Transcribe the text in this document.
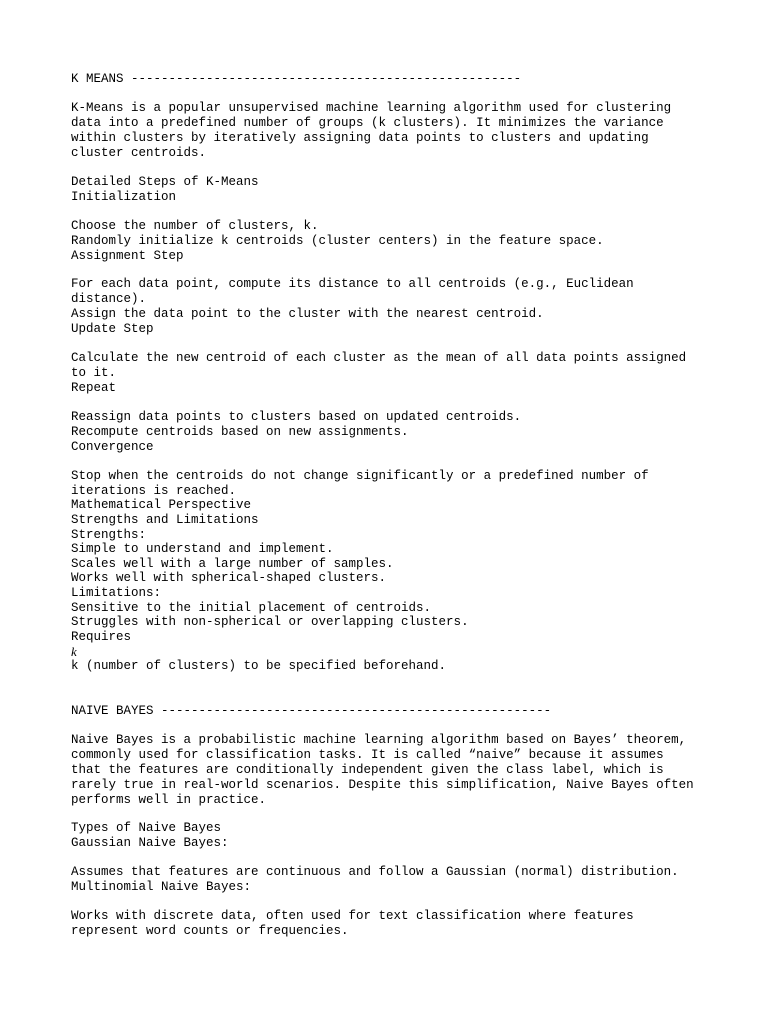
K MEANS ----------------------------------------------------

K-Means is a popular unsupervised machine learning algorithm used for clustering

data into a predefined number of groups (k clusters). It minimizes the variance

within clusters by iteratively assigning data points to clusters and updating

cluster centroids.

Detailed Steps of K-Means

Initialization

Choose the number of clusters, k.

Randomly initialize k centroids (cluster centers) in the feature space.

Assignment Step

For each data point, compute its distance to all centroids (e.g., Euclidean

distance).

Assign the data point to the cluster with the nearest centroid.

Update Step

Calculate the new centroid of each cluster as the mean of all data points assigned

to it.

Repeat

Reassign data points to clusters based on updated centroids.

Recompute centroids based on new assignments.

Convergence

Stop when the centroids do not change significantly or a predefined number of

iterations is reached.

Mathematical Perspective

Strengths and Limitations

Strengths:

Simple to understand and implement.

Scales well with a large number of samples.

Works well with spherical-shaped clusters.

Limitations:

Sensitive to the initial placement of centroids.

Struggles with non-spherical or overlapping clusters.

Requires

k

k (number of clusters) to be specified beforehand.

NAIVE BAYES ----------------------------------------------------

Naive Bayes is a probabilistic machine learning algorithm based on Bayes’ theorem,

commonly used for classification tasks. It is called “naive” because it assumes

that the features are conditionally independent given the class label, which is

rarely true in real-world scenarios. Despite this simplification, Naive Bayes often

performs well in practice.

Types of Naive Bayes

Gaussian Naive Bayes:

Assumes that features are continuous and follow a Gaussian (normal) distribution.

Multinomial Naive Bayes:

Works with discrete data, often used for text classification where features

represent word counts or frequencies.
